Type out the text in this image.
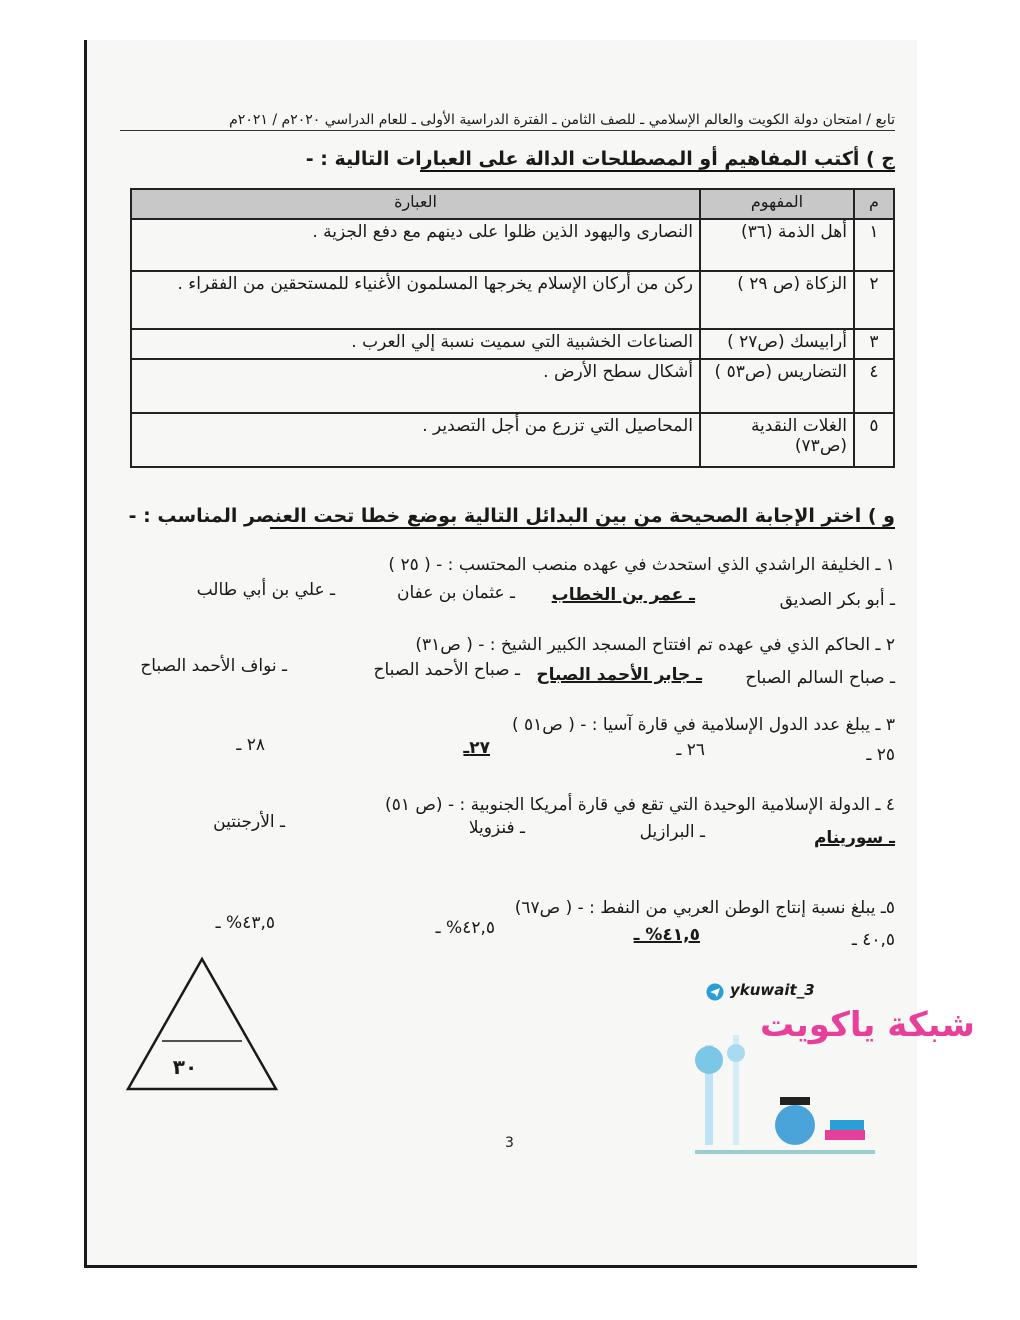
تابع / امتحان دولة الكويت والعالم الإسلامي ـ للصف الثامن ـ الفترة الدراسية الأولى ـ للعام الدراسي ٢٠٢٠م / ٢٠٢١م
ج ) أكتب المفاهيم أو المصطلحات الدالة على العبارات التالية : -
م	المفهوم	العبارة
١	أهل الذمة (٣٦)	النصارى واليهود الذين ظلوا على دينهم مع دفع الجزية .
٢	الزكاة (ص ٢٩ )	ركن من أركان الإسلام يخرجها المسلمون الأغنياء للمستحقين من الفقراء .
٣	أرابيسك (ص٢٧ )	الصناعات الخشبية التي سميت نسبة إلي العرب .
٤	التضاريس (ص٥٣ )	أشكال سطح الأرض .
٥	الغلات النقدية (ص٧٣)	المحاصيل التي تزرع من أجل التصدير .
و ) اختر الإجابة الصحيحة من بين البدائل التالية بوضع خطا تحت العنصر المناسب : -
١ ـ الخليفة الراشدي الذي استحدث في عهده منصب المحتسب : - ( ٢٥ )
ـ أبو بكر الصديق
ـ عمر بن الخطاب
ـ عثمان بن عفان
ـ علي بن أبي طالب
٢ ـ الحاكم الذي في عهده تم افتتاح المسجد الكبير الشيخ : - ( ص٣١)
ـ صباح السالم الصباح
ـ جابر الأحمد الصباح
ـ صباح الأحمد الصباح
ـ نواف الأحمد الصباح
٣ ـ يبلغ عدد الدول الإسلامية في قارة آسيا : - ( ص٥١ )
٢٥ ـ
٢٦ ـ
٢٧ـ
٢٨ ـ
٤ ـ الدولة الإسلامية الوحيدة التي تقع في قارة أمريكا الجنوبية : - (ص ٥١)
ـ سورينام
ـ البرازيل
ـ فنزويلا
ـ الأرجنتين
٥ـ يبلغ نسبة إنتاج الوطن العربي من النفط : - ( ص٦٧)
٤٠,٥ ـ
٤١,٥% ـ
٤٢,٥% ـ
٤٣,٥% ـ
٣٠
ykuwait_3
شبكة ياكويت
3
